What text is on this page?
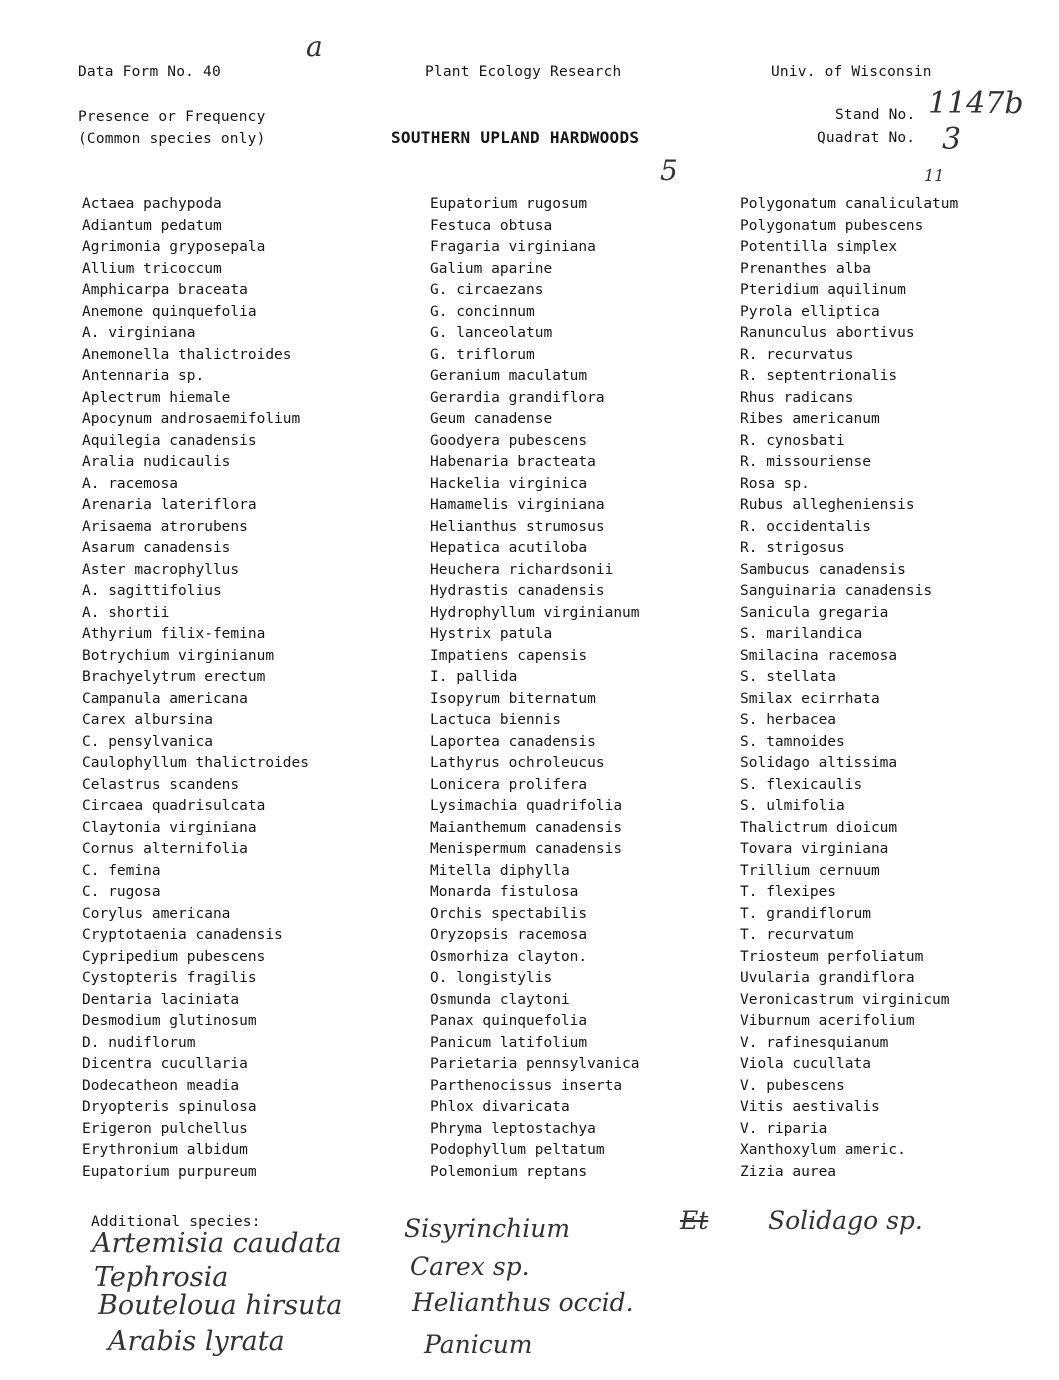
Data Form No. 40	Plant Ecology Research	Univ. of Wisconsin
Presence or Frequency
(Common species only)	SOUTHERN UPLAND HARDWOODS
Stand No.
Quadrat No.
a
1147b
3
5	11
Actaea pachypoda
Adiantum pedatum
Agrimonia gryposepala
Allium tricoccum
Amphicarpa braceata
Anemone quinquefolia
A. virginiana
Anemonella thalictroides
Antennaria sp.
Aplectrum hiemale
Apocynum androsaemifolium
Aquilegia canadensis
Aralia nudicaulis
A. racemosa
Arenaria lateriflora
Arisaema atrorubens
Asarum canadensis
Aster macrophyllus
A. sagittifolius
A. shortii
Athyrium filix-femina
Botrychium virginianum
Brachyelytrum erectum
Campanula americana
Carex albursina
C. pensylvanica
Caulophyllum thalictroides
Celastrus scandens
Circaea quadrisulcata
Claytonia virginiana
Cornus alternifolia
C. femina
C. rugosa
Corylus americana
Cryptotaenia canadensis
Cypripedium pubescens
Cystopteris fragilis
Dentaria laciniata
Desmodium glutinosum
D. nudiflorum
Dicentra cucullaria
Dodecatheon meadia
Dryopteris spinulosa
Erigeron pulchellus
Erythronium albidum
Eupatorium purpureum
Eupatorium rugosum
Festuca obtusa
Fragaria virginiana
Galium aparine
G. circaezans
G. concinnum
G. lanceolatum
G. triflorum
Geranium maculatum
Gerardia grandiflora
Geum canadense
Goodyera pubescens
Habenaria bracteata
Hackelia virginica
Hamamelis virginiana
Helianthus strumosus
Hepatica acutiloba
Heuchera richardsonii
Hydrastis canadensis
Hydrophyllum virginianum
Hystrix patula
Impatiens capensis
I. pallida
Isopyrum biternatum
Lactuca biennis
Laportea canadensis
Lathyrus ochroleucus
Lonicera prolifera
Lysimachia quadrifolia
Maianthemum canadensis
Menispermum canadensis
Mitella diphylla
Monarda fistulosa
Orchis spectabilis
Oryzopsis racemosa
Osmorhiza clayton.
O. longistylis
Osmunda claytoni
Panax quinquefolia
Panicum latifolium
Parietaria pennsylvanica
Parthenocissus inserta
Phlox divaricata
Phryma leptostachya
Podophyllum peltatum
Polemonium reptans
Polygonatum canaliculatum
Polygonatum pubescens
Potentilla simplex
Prenanthes alba
Pteridium aquilinum
Pyrola elliptica
Ranunculus abortivus
R. recurvatus
R. septentrionalis
Rhus radicans
Ribes americanum
R. cynosbati
R. missouriense
Rosa sp.
Rubus allegheniensis
R. occidentalis
R. strigosus
Sambucus canadensis
Sanguinaria canadensis
Sanicula gregaria
S. marilandica
Smilacina racemosa
S. stellata
Smilax ecirrhata
S. herbacea
S. tamnoides
Solidago altissima
S. flexicaulis
S. ulmifolia
Thalictrum dioicum
Tovara virginiana
Trillium cernuum
T. flexipes
T. grandiflorum
T. recurvatum
Triosteum perfoliatum
Uvularia grandiflora
Veronicastrum virginicum
Viburnum acerifolium
V. rafinesquianum
Viola cucullata
V. pubescens
Vitis aestivalis
V. riparia
Xanthoxylum americ.
Zizia aurea
Additional species:
Artemisia caudata
Tephrosia
Bouteloua hirsuta
Arabis lyrata
Sisyrinchium
Carex sp.
Helianthus occid.
Panicum
Et Solidago sp.
